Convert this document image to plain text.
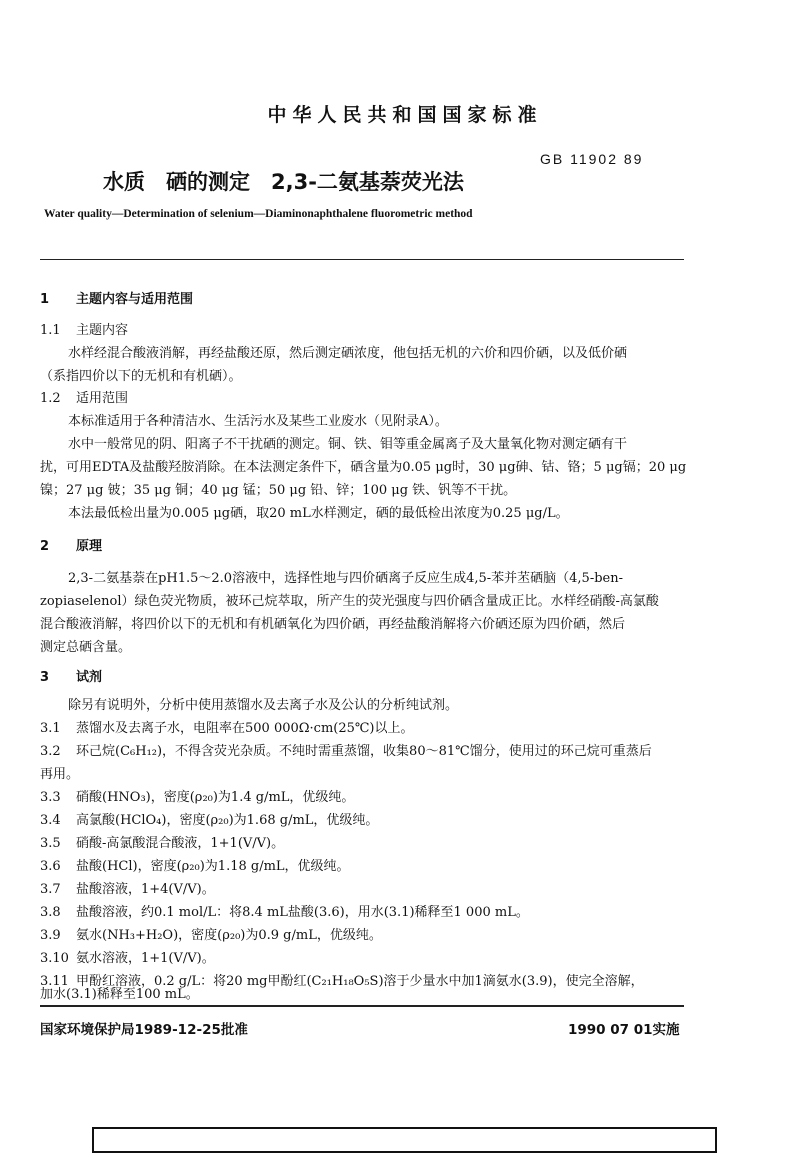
中华人民共和国国家标准
GB 11902 89
水质　硒的测定　2,3-二氨基萘荧光法
Water quality—Determination of selenium—Diaminonaphthalene fluorometric method
1 主题内容与适用范围
1.1 主题内容
水样经混合酸液消解，再经盐酸还原，然后测定硒浓度，他包括无机的六价和四价硒，以及低价硒
（系指四价以下的无机和有机硒）。
1.2 适用范围
本标准适用于各种清洁水、生活污水及某些工业废水（见附录A）。
水中一般常见的阴、阳离子不干扰硒的测定。铜、铁、钼等重金属离子及大量氧化物对测定硒有干
扰，可用EDTA及盐酸羟胺消除。在本法测定条件下，硒含量为0.05 μg时，30 μg砷、钴、铬；5 μg镉；20 μg
镍；27 μg 铍；35 μg 铜；40 μg 锰；50 μg 铅、锌；100 μg 铁、钒等不干扰。
本法最低检出量为0.005 μg硒，取20 mL水样测定，硒的最低检出浓度为0.25 μg/L。
2 原理
2,3-二氨基萘在pH1.5～2.0溶液中，选择性地与四价硒离子反应生成4,5-苯并苤硒脑（4,5-ben-
zopiaselenol）绿色荧光物质，被环己烷萃取，所产生的荧光强度与四价硒含量成正比。水样经硝酸-高氯酸
混合酸液消解，将四价以下的无机和有机硒氧化为四价硒，再经盐酸消解将六价硒还原为四价硒，然后
测定总硒含量。
3 试剂
除另有说明外，分析中使用蒸馏水及去离子水及公认的分析纯试剂。
3.1 蒸馏水及去离子水，电阻率在500 000Ω·cm(25℃)以上。
3.2 环己烷(C₆H₁₂)，不得含荧光杂质。不纯时需重蒸馏，收集80～81℃馏分，使用过的环己烷可重蒸后
再用。
3.3 硝酸(HNO₃)，密度(ρ₂₀)为1.4 g/mL，优级纯。
3.4 高氯酸(HClO₄)，密度(ρ₂₀)为1.68 g/mL，优级纯。
3.5 硝酸-高氯酸混合酸液，1+1(V/V)。
3.6 盐酸(HCl)，密度(ρ₂₀)为1.18 g/mL，优级纯。
3.7 盐酸溶液，1+4(V/V)。
3.8 盐酸溶液，约0.1 mol/L：将8.4 mL盐酸(3.6)，用水(3.1)稀释至1 000 mL。
3.9 氨水(NH₃+H₂O)，密度(ρ₂₀)为0.9 g/mL，优级纯。
3.10 氨水溶液，1+1(V/V)。
3.11 甲酚红溶液，0.2 g/L：将20 mg甲酚红(C₂₁H₁₈O₅S)溶于少量水中加1滴氨水(3.9)，使完全溶解，
加水(3.1)稀释至100 mL。
国家环境保护局1989-12-25批准	1990 07 01实施
